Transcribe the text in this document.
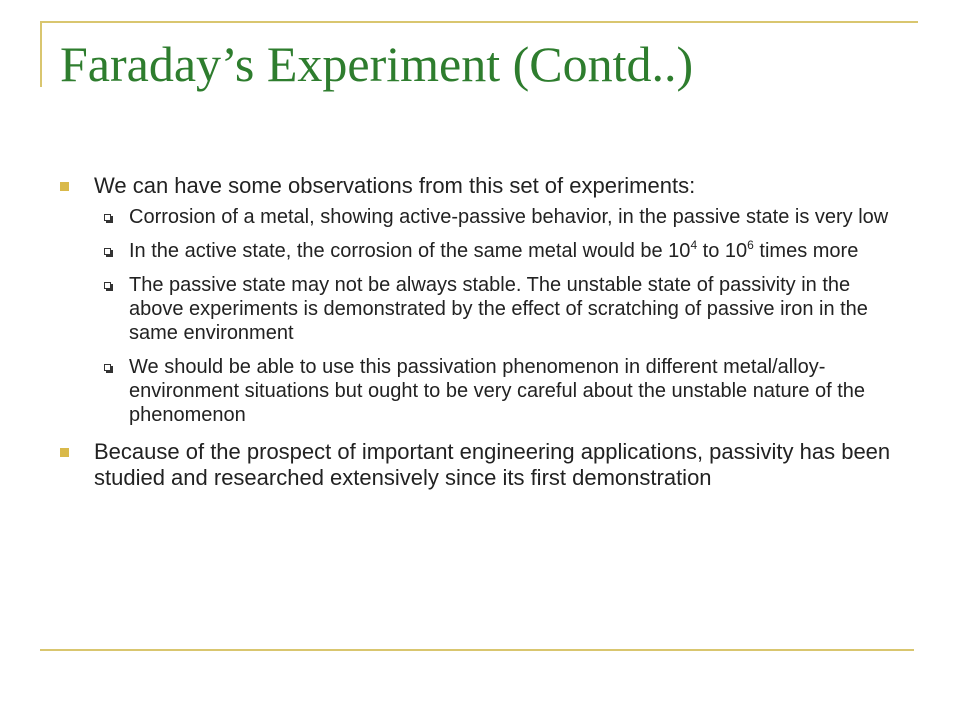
Faraday’s Experiment (Contd..)
We can have some observations from this set of experiments:
Corrosion of a metal, showing active-passive behavior, in the passive state is very low
In the active state, the corrosion of the same metal would be $10^4$ to $10^6$ times more
The passive state may not be always stable. The unstable state of passivity in the above experiments is demonstrated by the effect of scratching of passive iron in the same environment
We should be able to use this passivation phenomenon in different metal/alloy-environment situations but ought to be very careful about the unstable nature of the phenomenon
Because of the prospect of important engineering applications, passivity has been studied and researched extensively since its first demonstration
